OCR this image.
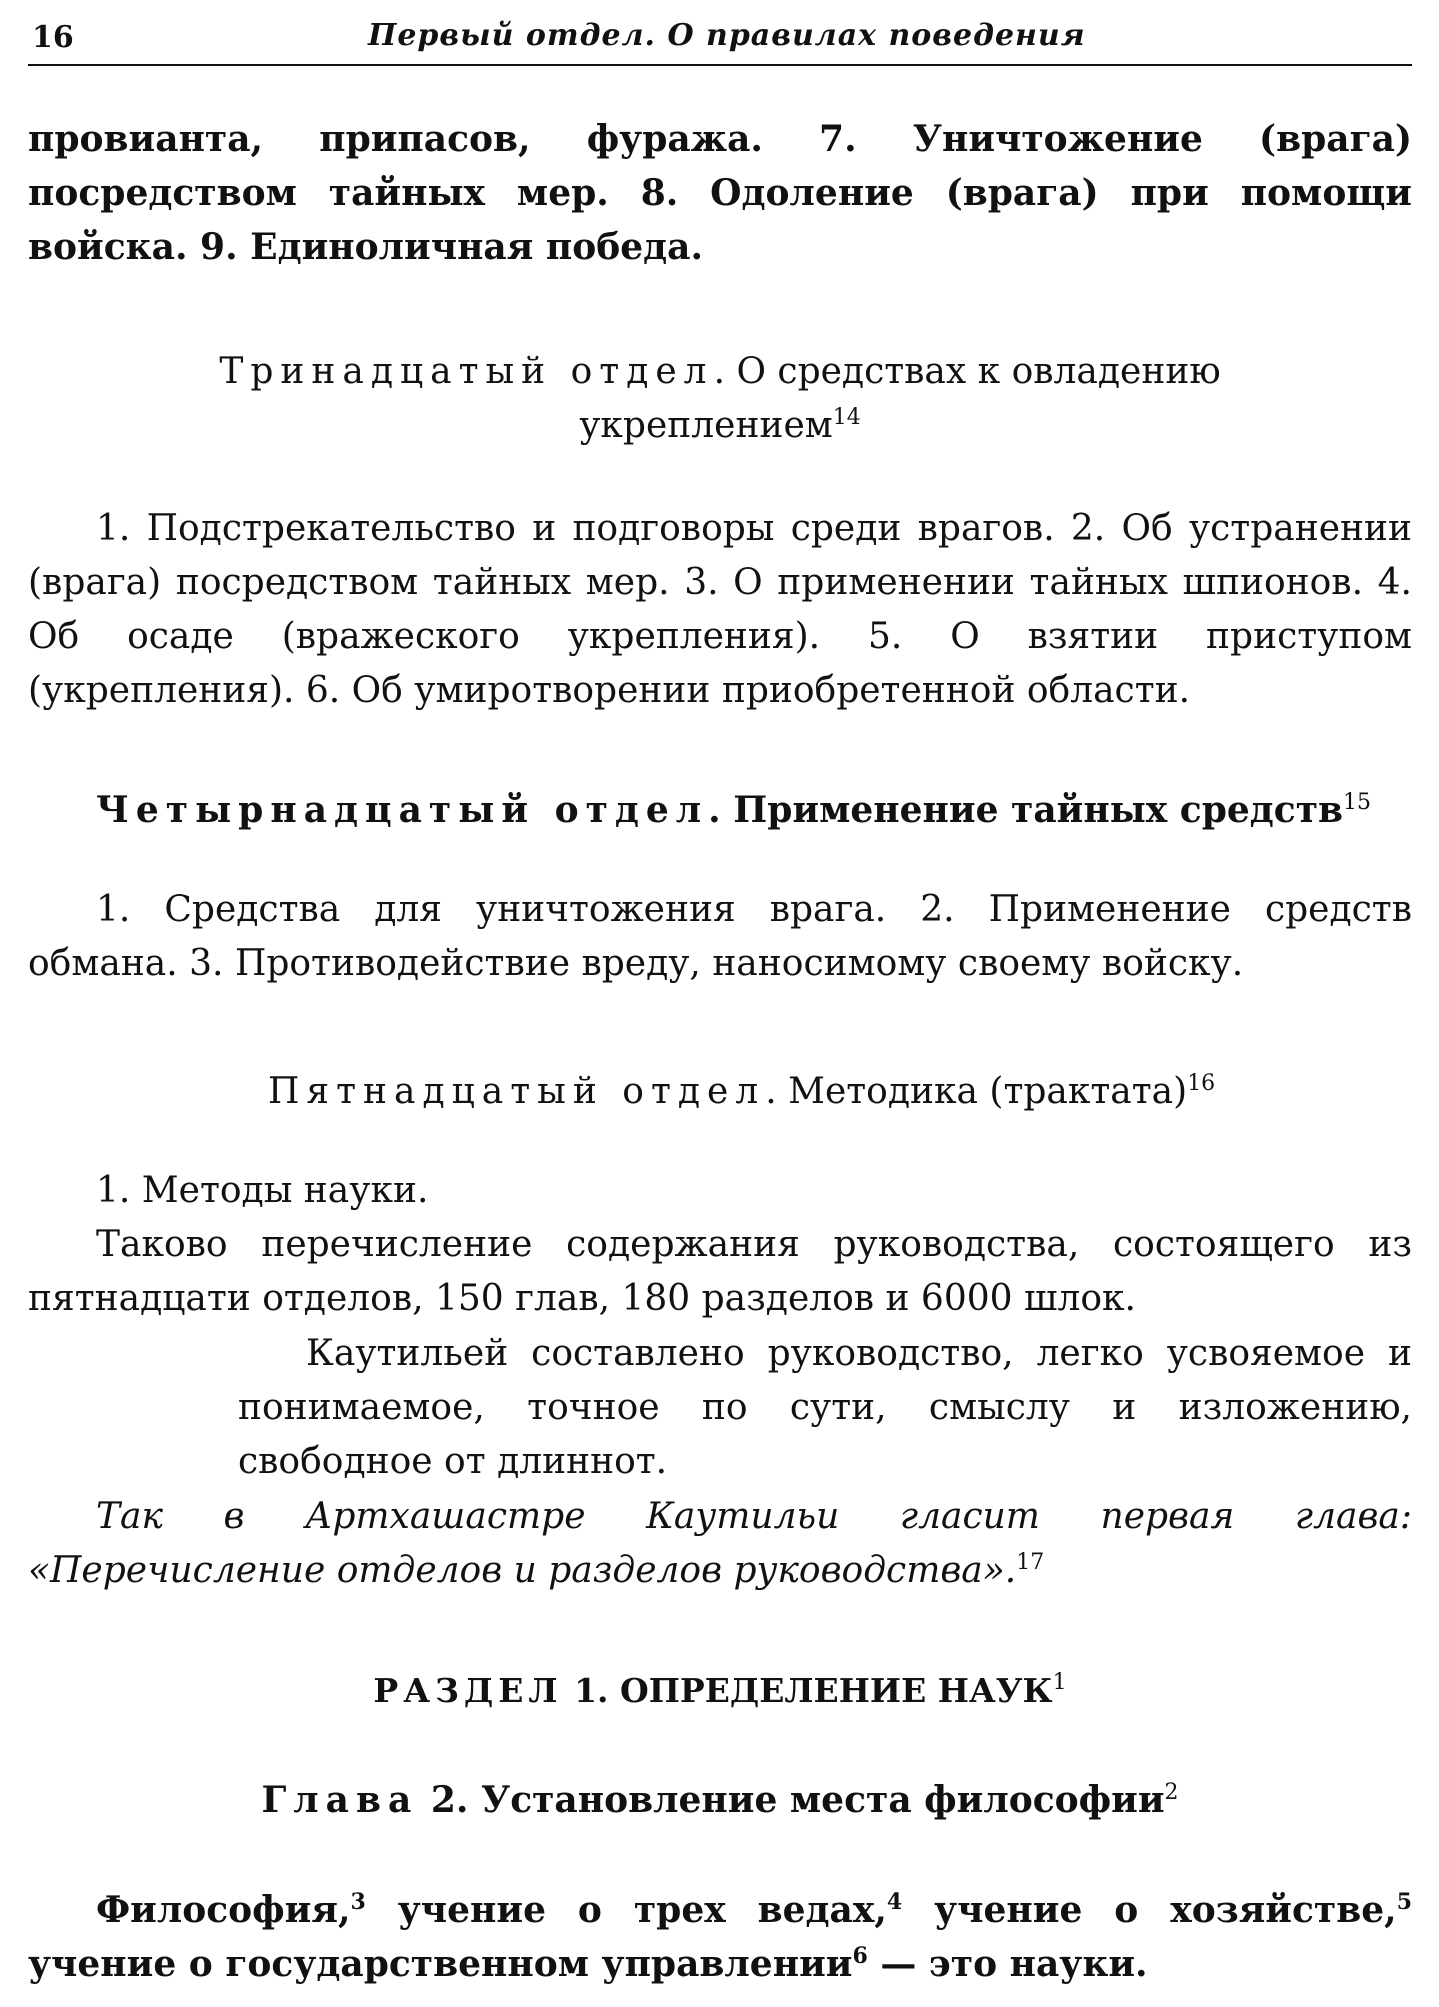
16	Первый отдел. О правилах поведения

провианта, припасов, фуража. 7. Уничтожение (врага) посредством тайных мер. 8. Одоление (врага) при помощи войска. 9. Единоличная победа.

Тринадцатый отдел. О средствах к овладению укреплением$^{14}$

1. Подстрекательство и подговоры среди врагов. 2. Об устранении (врага) посредством тайных мер. 3. О применении тайных шпионов. 4. Об осаде (вражеского укрепления). 5. О взятии приступом (укрепления). 6. Об умиротворении приобретенной области.

Четырнадцатый отдел. Применение тайных средств$^{15}$

1. Средства для уничтожения врага. 2. Применение средств обмана. 3. Противодействие вреду, наносимому своему войску.

Пятнадцатый отдел. Методика (трактата)$^{16}$

1. Методы науки.

Таково перечисление содержания руководства, состоящего из пятнадцати отделов, 150 глав, 180 разделов и 6000 шлок.

Каутильей составлено руководство, легко усвояемое и понимаемое, точное по сути, смыслу и изложению, свободное от длиннот.

Так в Артхашастре Каутильи гласит первая глава: «Перечисление отделов и разделов руководства».$^{17}$

РАЗДЕЛ 1. ОПРЕДЕЛЕНИЕ НАУК$^1$

Глава 2. Установление места философии$^2$

Философия,$^3$ учение о трех ведах,$^4$ учение о хозяйстве,$^5$ учение о государственном управлении$^6$ — это науки.
